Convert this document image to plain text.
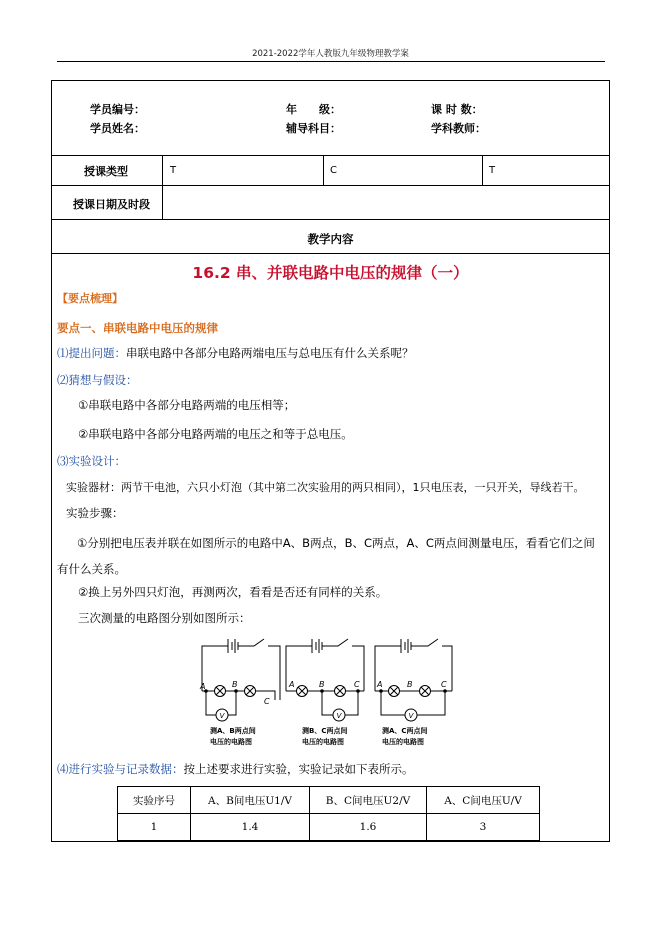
2021-2022学年人教版九年级物理教学案
学员编号：	年　　级：	课 时 数：
学员姓名：	辅导科目：	学科教师：
授课类型	T	C	T
授课日期及时段
教学内容
16.2 串、并联电路中电压的规律（一）
【要点梳理】
要点一、串联电路中电压的规律
⑴提出问题：串联电路中各部分电路两端电压与总电压有什么关系呢？
⑵猜想与假设：
①串联电路中各部分电路两端的电压相等；
②串联电路中各部分电路两端的电压之和等于总电压。
⑶实验设计：
实验器材：两节干电池，六只小灯泡（其中第二次实验用的两只相同），1只电压表，一只开关，导线若干。
实验步骤：
①分别把电压表并联在如图所示的电路中A、B两点，B、C两点，A、C两点间测量电压，看看它们之间有什么关系。
②换上另外四只灯泡，再测两次，看看是否还有同样的关系。
三次测量的电路图分别如图所示：
V
A	B
C
测A、B两点间
电压的电路图
V
A	B	C
测B、C两点间
电压的电路图
V
A	B	C
测A、C两点间
电压的电路图
⑷进行实验与记录数据：按上述要求进行实验，实验记录如下表所示。
实验序号	A、B间电压U1/V	B、C间电压U2/V	A、C间电压U/V
1	1.4	1.6	3
